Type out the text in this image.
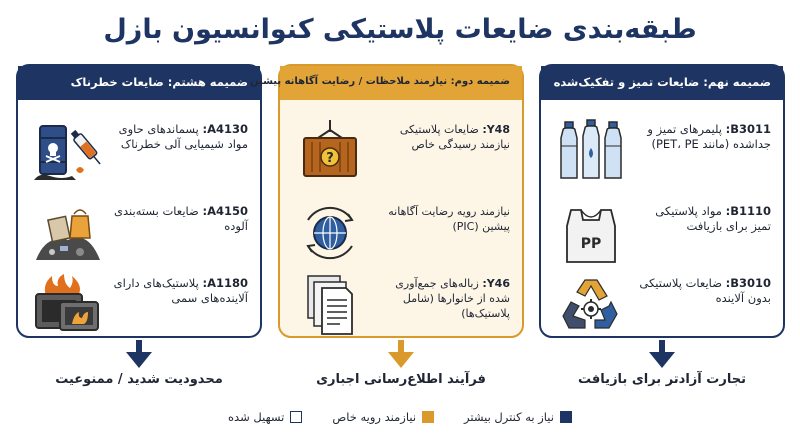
طبقه‌بندی ضایعات پلاستیکی کنوانسیون بازل
ضمیمه هشتم: ضایعات خطرناک
A4130: پسماندهای حاوی مواد شیمیایی آلی خطرناک
A4150: ضایعات بسته‌بندی آلوده
A1180: پلاستیک‌های دارای آلاینده‌های سمی
ضمیمه دوم: نیازمند ملاحظات / رضایت آگاهانه پیشین
?
Y48: ضایعات پلاستیکی نیازمند رسیدگی خاص
نیازمند رویه رضایت آگاهانه پیشین (PIC)
Y46: زباله‌های جمع‌آوری شده از خانوارها (شامل پلاستیک‌ها)
ضمیمه نهم: ضایعات تمیز و تفکیک‌شده
B3011: پلیمرهای تمیز و جداشده (مانند PET، PE)
PP
B1110: مواد پلاستیکی تمیز برای بازیافت
B3010: ضایعات پلاستیکی بدون آلاینده
محدودیت شدید / ممنوعیت	فرآیند اطلاع‌رسانی اجباری	تجارت آزادتر برای بازیافت
نیاز به کنترل بیشتر
نیازمند رویه خاص
تسهیل شده
